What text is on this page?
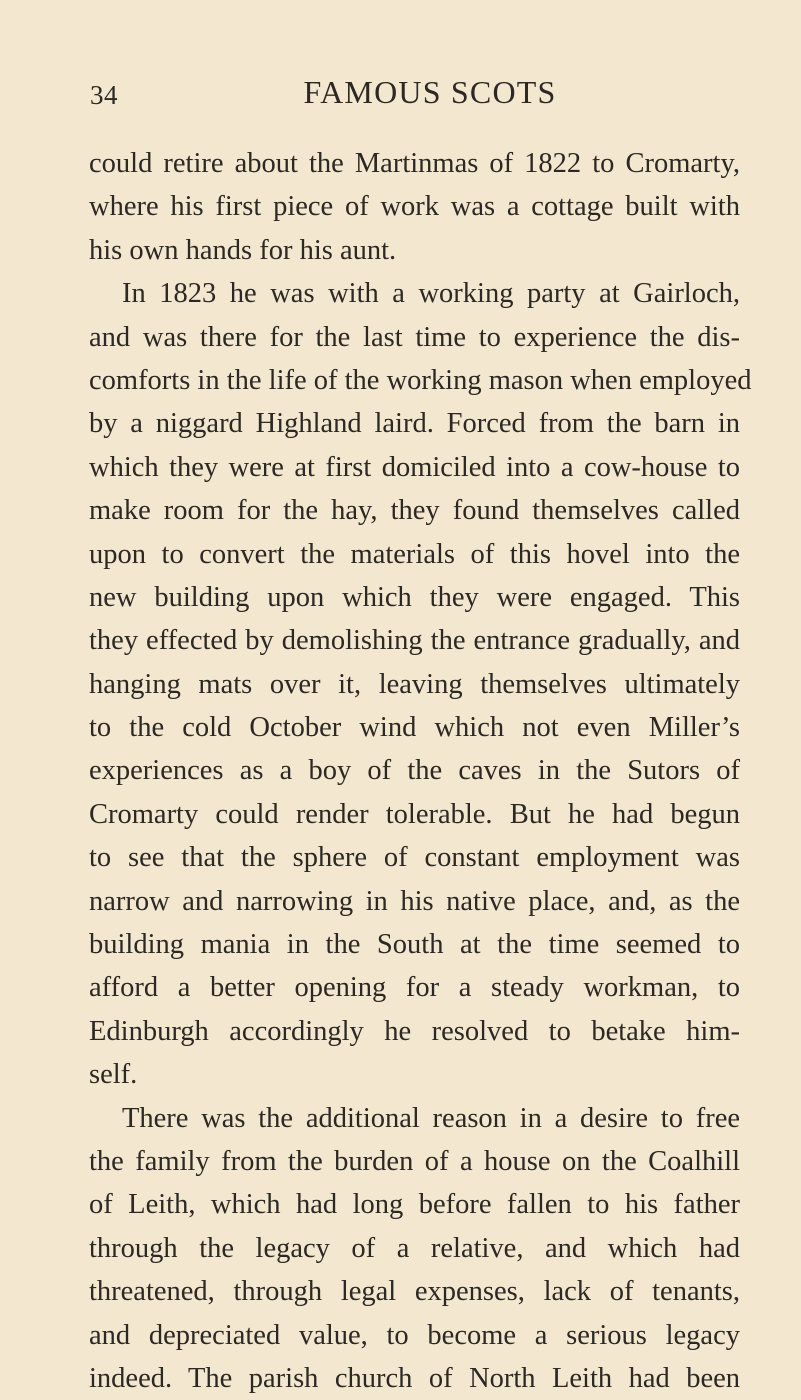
34	FAMOUS SCOTS
could retire about the Martinmas of 1822 to Cromarty,
where his first piece of work was a cottage built with
his own hands for his aunt.
In 1823 he was with a working party at Gairloch,
and was there for the last time to experience the dis-
comforts in the life of the working mason when employed
by a niggard Highland laird. Forced from the barn in
which they were at first domiciled into a cow-house to
make room for the hay, they found themselves called
upon to convert the materials of this hovel into the
new building upon which they were engaged. This
they effected by demolishing the entrance gradually, and
hanging mats over it, leaving themselves ultimately
to the cold October wind which not even Miller’s
experiences as a boy of the caves in the Sutors of
Cromarty could render tolerable. But he had begun
to see that the sphere of constant employment was
narrow and narrowing in his native place, and, as the
building mania in the South at the time seemed to
afford a better opening for a steady workman, to
Edinburgh accordingly he resolved to betake him-
self.
There was the additional reason in a desire to free
the family from the burden of a house on the Coalhill
of Leith, which had long before fallen to his father
through the legacy of a relative, and which had
threatened, through legal expenses, lack of tenants,
and depreciated value, to become a serious legacy
indeed. The parish church of North Leith had been
